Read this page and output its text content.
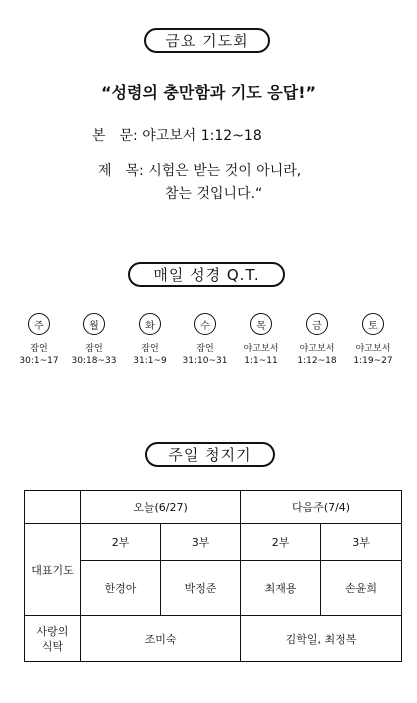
금요 기도회
“성령의 충만함과 기도 응답!”
본　문: 야고보서 1:12~18
제　목: 시험은 받는 것이 아니라,
참는 것입니다.“
매일 성경 Q.T.
주
잠언
30:1~17
월
잠언
30:18~33
화
잠언
31:1~9
수
잠언
31:10~31
목
야고보서
1:1~11
금
야고보서
1:12~18
토
야고보서
1:19~27
주일 청지기
	오늘(6/27)		다음주(7/4)	
대표기도	2부	3부	2부	3부
	한경아	박정준	최재용	손윤희
사랑의
식탁	조미숙		김학일, 최정복	
